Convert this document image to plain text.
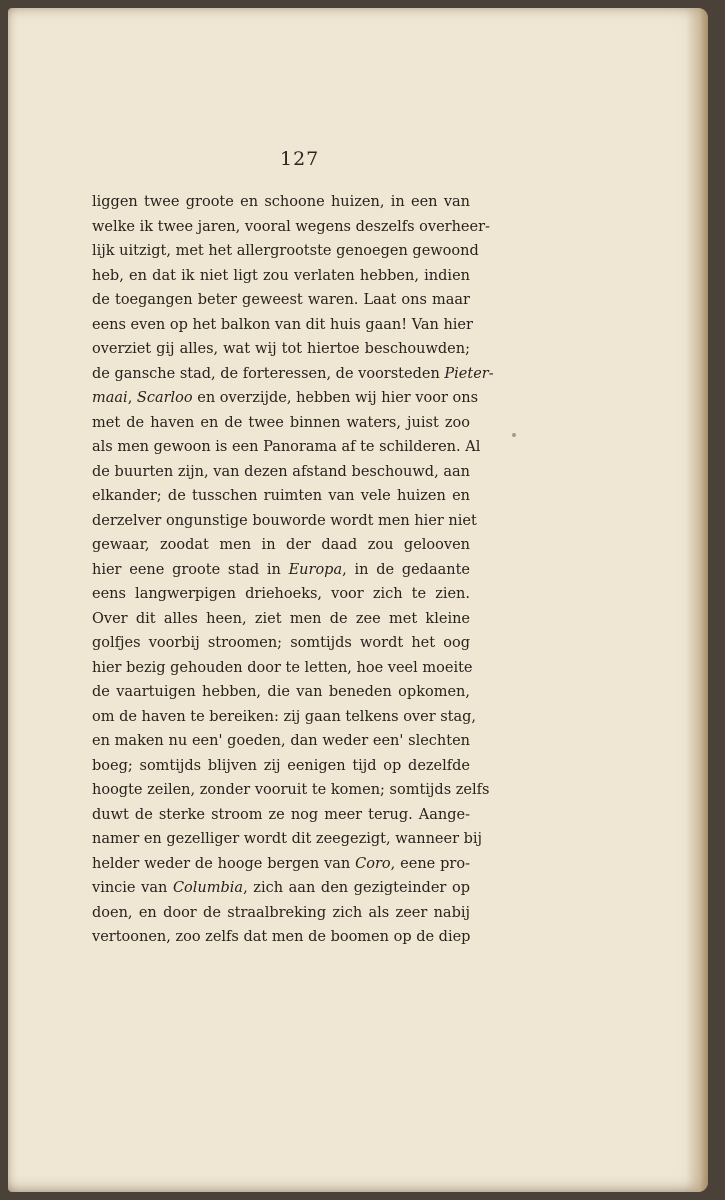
127
liggen twee groote en schoone huizen, in een van
welke ik twee jaren, vooral wegens deszelfs overheer-
lijk uitzigt, met het allergrootste genoegen gewoond
heb, en dat ik niet ligt zou verlaten hebben, indien
de toegangen beter geweest waren. Laat ons maar
eens even op het balkon van dit huis gaan! Van hier
overziet gij alles, wat wij tot hiertoe beschouwden;
de gansche stad, de forteressen, de voorsteden Pieter-
maai, Scarloo en overzijde, hebben wij hier voor ons
met de haven en de twee binnen waters, juist zoo
als men gewoon is een Panorama af te schilderen. Al
de buurten zijn, van dezen afstand beschouwd, aan
elkander; de tusschen ruimten van vele huizen en
derzelver ongunstige bouworde wordt men hier niet
gewaar, zoodat men in der daad zou gelooven
hier eene groote stad in Europa, in de gedaante
eens langwerpigen driehoeks, voor zich te zien.
Over dit alles heen, ziet men de zee met kleine
golfjes voorbij stroomen; somtijds wordt het oog
hier bezig gehouden door te letten, hoe veel moeite
de vaartuigen hebben, die van beneden opkomen,
om de haven te bereiken: zij gaan telkens over stag,
en maken nu een' goeden, dan weder een' slechten
boeg; somtijds blijven zij eenigen tijd op dezelfde
hoogte zeilen, zonder vooruit te komen; somtijds zelfs
duwt de sterke stroom ze nog meer terug. Aange-
namer en gezelliger wordt dit zeegezigt, wanneer bij
helder weder de hooge bergen van Coro, eene pro-
vincie van Columbia, zich aan den gezigteinder op
doen, en door de straalbreking zich als zeer nabij
vertoonen, zoo zelfs dat men de boomen op de diep
